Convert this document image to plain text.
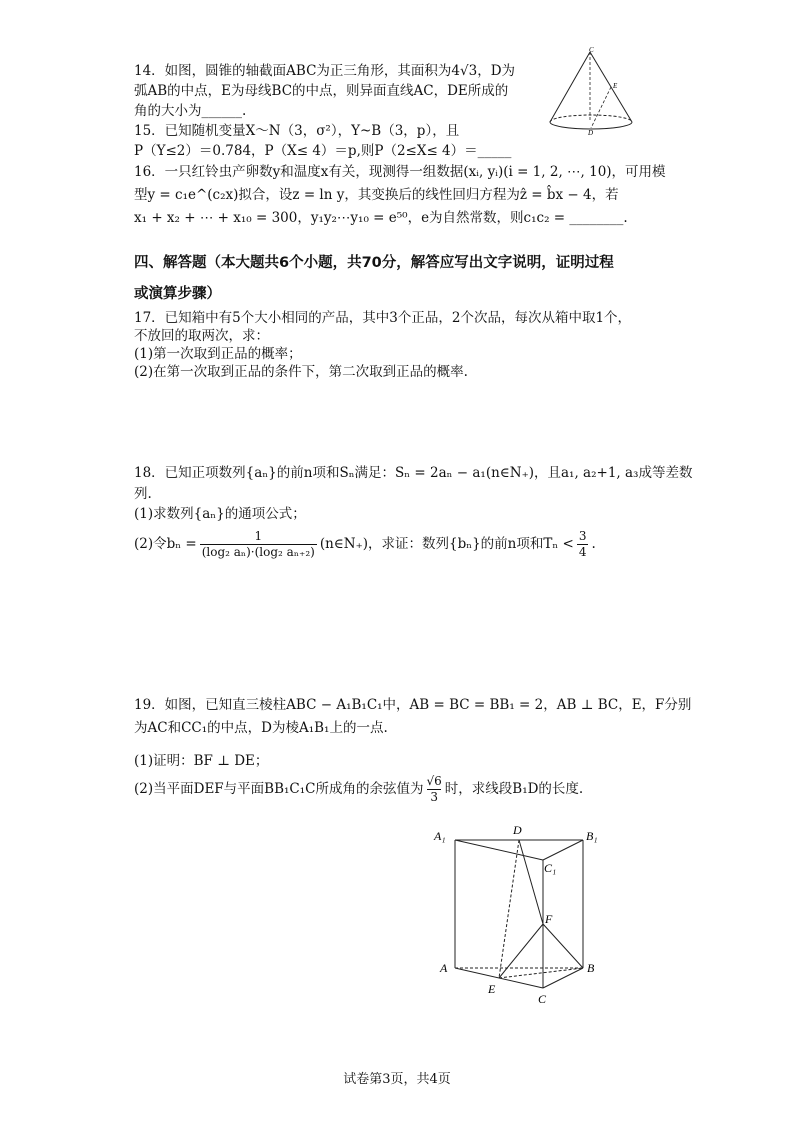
14．如图，圆锥的轴截面ABC为正三角形，其面积为4√3，D为
弧AB的中点，E为母线BC的中点，则异面直线AC，DE所成的
角的大小为______.
C
E
D
15．已知随机变量X～N（3，σ²），Y~B（3，p），且
P（Y≤2）＝0.784，P（X≤ 4）＝p,则P（2≤X≤ 4）＝_____
16．一只红铃虫产卵数y和温度x有关，现测得一组数据(xᵢ, yᵢ)(i = 1, 2, ⋯, 10)，可用模
型y = c₁e^(c₂x)拟合，设z = ln y，其变换后的线性回归方程为ẑ = b̂x − 4，若
x₁ + x₂ + ⋯ + x₁₀ = 300，y₁y₂⋯y₁₀ = e⁵⁰，e为自然常数，则c₁c₂ = ________.
四、解答题（本大题共6个小题，共70分，解答应写出文字说明，证明过程
或演算步骤）
17．已知箱中有5个大小相同的产品，其中3个正品，2个次品，每次从箱中取1个，
不放回的取两次，求：
(1)第一次取到正品的概率；
(2)在第一次取到正品的条件下，第二次取到正品的概率.
18．已知正项数列{aₙ}的前n项和Sₙ满足：Sₙ = 2aₙ − a₁(n∈N₊)，且a₁, a₂+1, a₃成等差数
列.
(1)求数列{aₙ}的通项公式；
(2)令$b_n = \frac{1}{\text{(log₂ aₙ)·(log₂ aₙ₊₂)}}$ (n∈N₊)，求证：数列{bₙ}的前n项和$T_n < \frac{3}{4}$ .
19．如图，已知直三棱柱ABC − A₁B₁C₁中，AB = BC = BB₁ = 2，AB ⊥ BC，E，F分别
为AC和CC₁的中点，D为棱A₁B₁上的一点.
(1)证明：BF ⊥ DE；
(2)当平面DEF与平面BB₁C₁C所成角的余弦值为 $\frac{√6}{3}$ 时，求线段B₁D的长度.
A₁	D	B₁
C₁
F
A	B
E
C
试卷第3页，共4页
